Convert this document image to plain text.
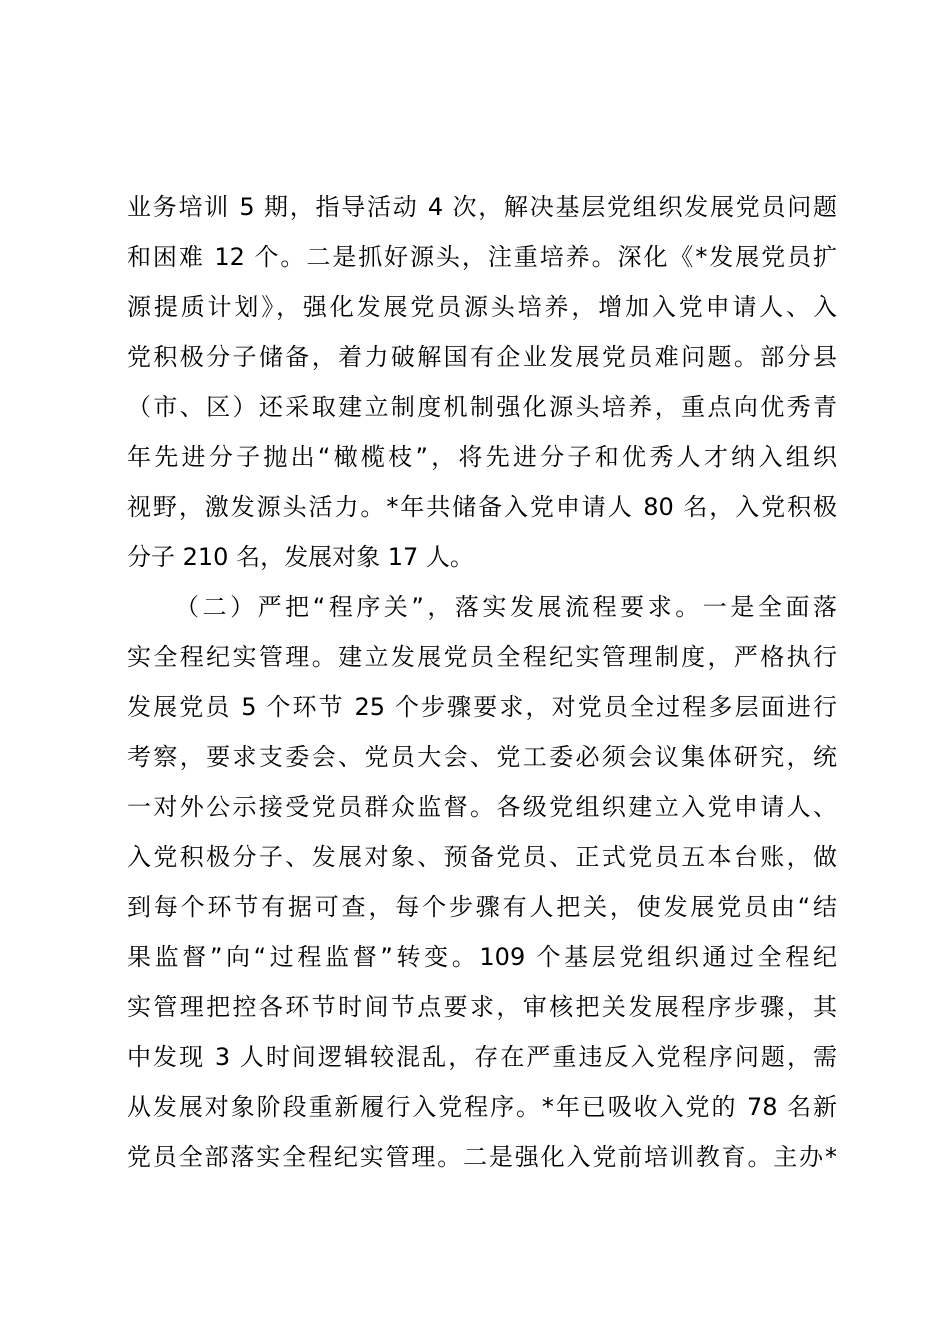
业务培训 5 期，指导活动 4 次，解决基层党组织发展党员问题
和困难 12 个。二是抓好源头，注重培养。深化《*发展党员扩
源提质计划》，强化发展党员源头培养，增加入党申请人、入
党积极分子储备，着力破解国有企业发展党员难问题。部分县
（市、区）还采取建立制度机制强化源头培养，重点向优秀青
年先进分子抛出“橄榄枝”，将先进分子和优秀人才纳入组织
视野，激发源头活力。*年共储备入党申请人 80 名，入党积极
分子 210 名，发展对象 17 人。
（二）严把“程序关”，落实发展流程要求。一是全面落
实全程纪实管理。建立发展党员全程纪实管理制度，严格执行
发展党员 5 个环节 25 个步骤要求，对党员全过程多层面进行
考察，要求支委会、党员大会、党工委必须会议集体研究，统
一对外公示接受党员群众监督。各级党组织建立入党申请人、
入党积极分子、发展对象、预备党员、正式党员五本台账，做
到每个环节有据可查，每个步骤有人把关，使发展党员由“结
果监督”向“过程监督”转变。109 个基层党组织通过全程纪
实管理把控各环节时间节点要求，审核把关发展程序步骤，其
中发现 3 人时间逻辑较混乱，存在严重违反入党程序问题，需
从发展对象阶段重新履行入党程序。*年已吸收入党的 78 名新
党员全部落实全程纪实管理。二是强化入党前培训教育。主办*
